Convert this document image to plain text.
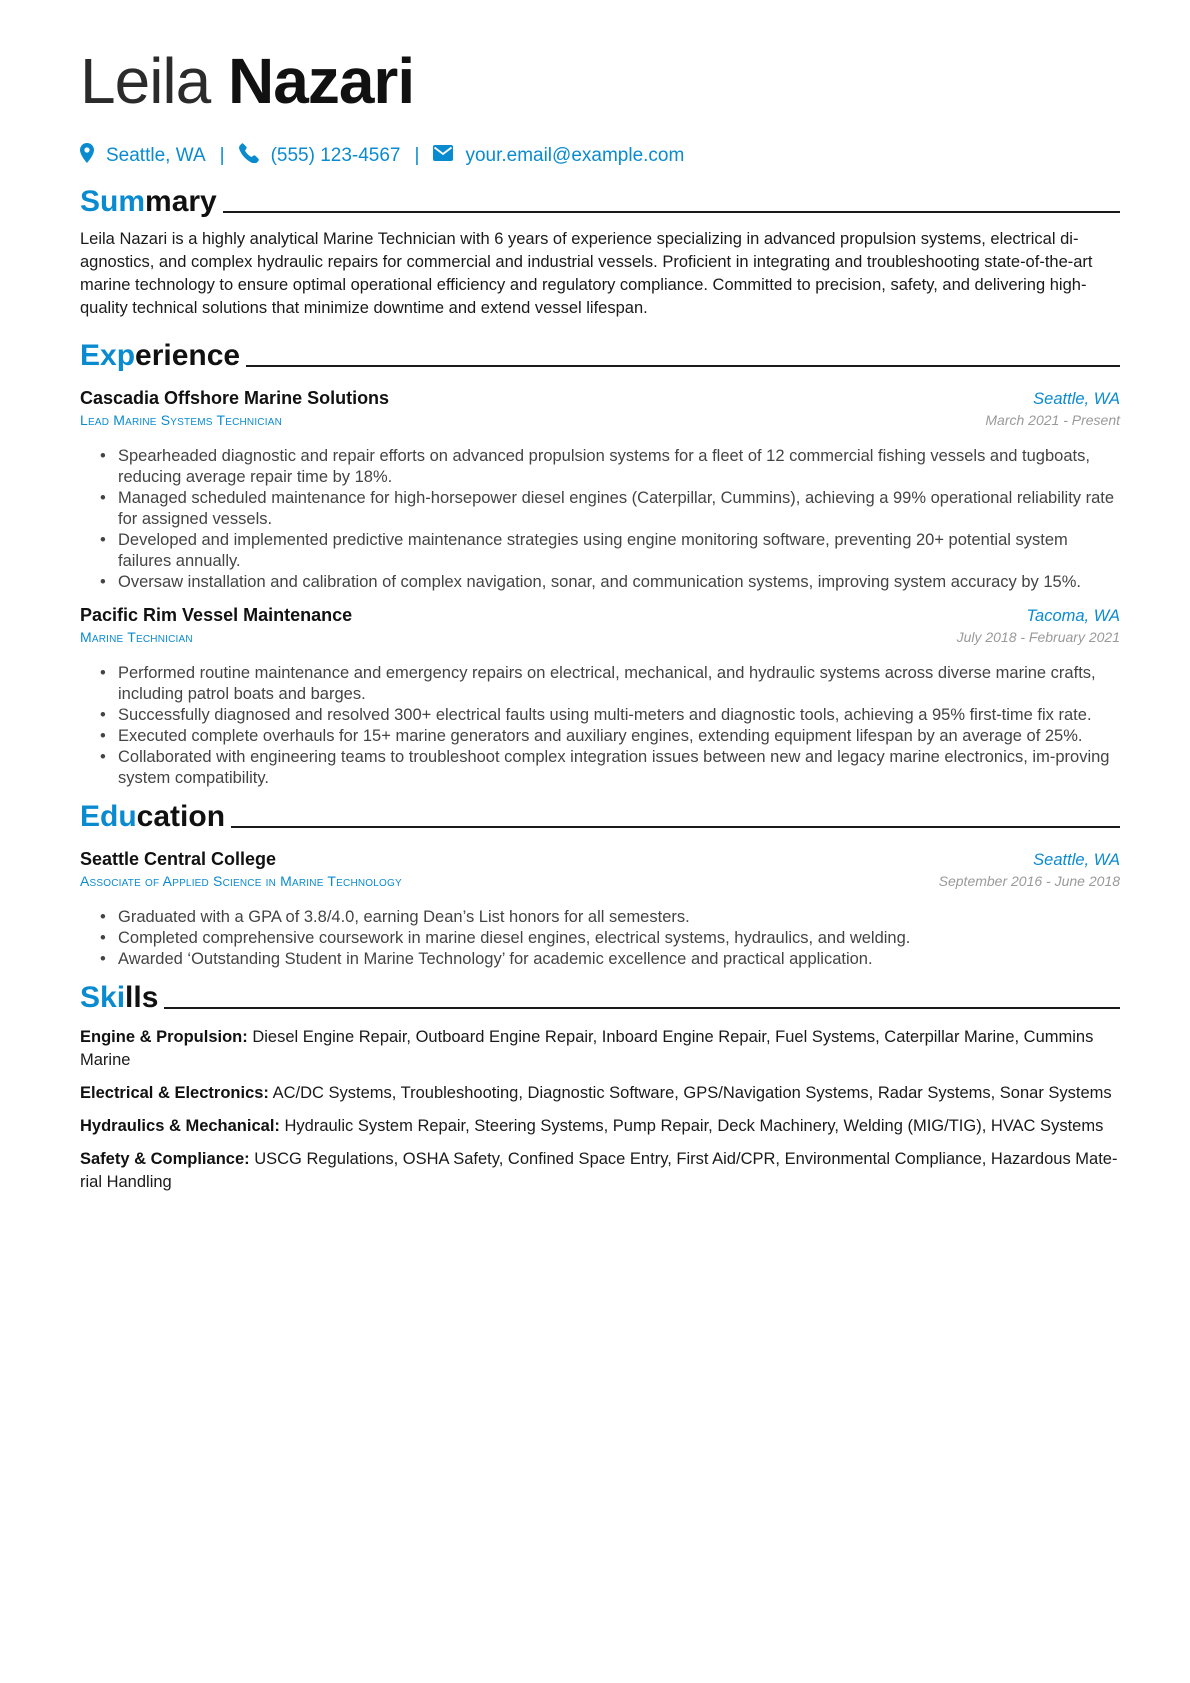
Leila Nazari
Seattle, WA | (555) 123-4567 | your.email@example.com
Summary
Leila Nazari is a highly analytical Marine Technician with 6 years of experience specializing in advanced propulsion systems, electrical di-agnostics, and complex hydraulic repairs for commercial and industrial vessels. Proficient in integrating and troubleshooting state-of-the-art marine technology to ensure optimal operational efficiency and regulatory compliance. Committed to precision, safety, and delivering high-quality technical solutions that minimize downtime and extend vessel lifespan.
Experience
Cascadia Offshore Marine Solutions	Seattle, WA
Lead Marine Systems Technician	March 2021 - Present
• Spearheaded diagnostic and repair efforts on advanced propulsion systems for a fleet of 12 commercial fishing vessels and tugboats, reducing average repair time by 18%.
• Managed scheduled maintenance for high-horsepower diesel engines (Caterpillar, Cummins), achieving a 99% operational reliability rate for assigned vessels.
• Developed and implemented predictive maintenance strategies using engine monitoring software, preventing 20+ potential system failures annually.
• Oversaw installation and calibration of complex navigation, sonar, and communication systems, improving system accuracy by 15%.
Pacific Rim Vessel Maintenance	Tacoma, WA
Marine Technician	July 2018 - February 2021
• Performed routine maintenance and emergency repairs on electrical, mechanical, and hydraulic systems across diverse marine crafts, including patrol boats and barges.
• Successfully diagnosed and resolved 300+ electrical faults using multi-meters and diagnostic tools, achieving a 95% first-time fix rate.
• Executed complete overhauls for 15+ marine generators and auxiliary engines, extending equipment lifespan by an average of 25%.
• Collaborated with engineering teams to troubleshoot complex integration issues between new and legacy marine electronics, im-proving system compatibility.
Education
Seattle Central College	Seattle, WA
Associate of Applied Science in Marine Technology	September 2016 - June 2018
• Graduated with a GPA of 3.8/4.0, earning Dean’s List honors for all semesters.
• Completed comprehensive coursework in marine diesel engines, electrical systems, hydraulics, and welding.
• Awarded ‘Outstanding Student in Marine Technology’ for academic excellence and practical application.
Skills
Engine & Propulsion: Diesel Engine Repair, Outboard Engine Repair, Inboard Engine Repair, Fuel Systems, Caterpillar Marine, Cummins Marine
Electrical & Electronics: AC/DC Systems, Troubleshooting, Diagnostic Software, GPS/Navigation Systems, Radar Systems, Sonar Systems
Hydraulics & Mechanical: Hydraulic System Repair, Steering Systems, Pump Repair, Deck Machinery, Welding (MIG/TIG), HVAC Systems
Safety & Compliance: USCG Regulations, OSHA Safety, Confined Space Entry, First Aid/CPR, Environmental Compliance, Hazardous Mate-rial Handling
